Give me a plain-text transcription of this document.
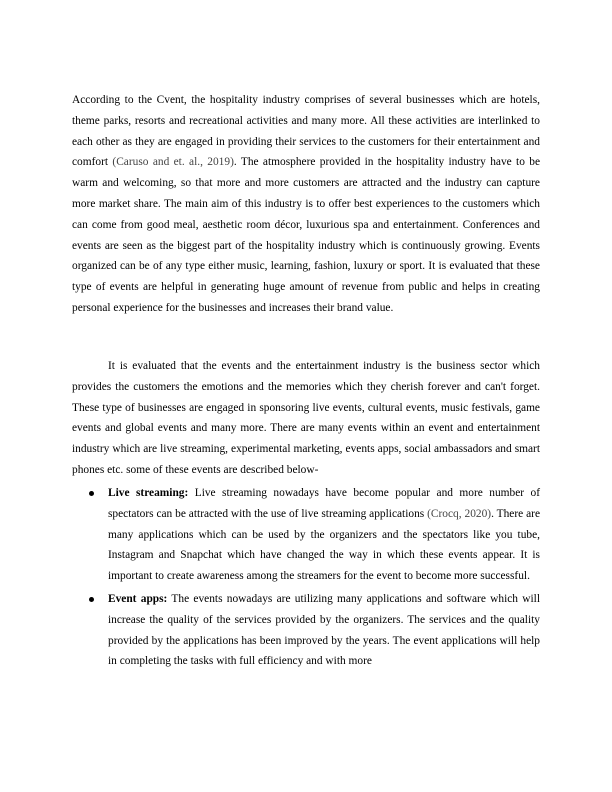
According to the Cvent, the hospitality industry comprises of several businesses which are hotels, theme parks, resorts and recreational activities and many more. All these activities are interlinked to each other as they are engaged in providing their services to the customers for their entertainment and comfort (Caruso and et. al., 2019). The atmosphere provided in the hospitality industry have to be warm and welcoming, so that more and more customers are attracted and the industry can capture more market share. The main aim of this industry is to offer best experiences to the customers which can come from good meal, aesthetic room décor, luxurious spa and entertainment. Conferences and events are seen as the biggest part of the hospitality industry which is continuously growing. Events organized can be of any type either music, learning, fashion, luxury or sport. It is evaluated that these type of events are helpful in generating huge amount of revenue from public and helps in creating personal experience for the businesses and increases their brand value.

It is evaluated that the events and the entertainment industry is the business sector which provides the customers the emotions and the memories which they cherish forever and can't forget. These type of businesses are engaged in sponsoring live events, cultural events, music festivals, game events and global events and many more. There are many events within an event and entertainment industry which are live streaming, experimental marketing, events apps, social ambassadors and smart phones etc. some of these events are described below-

Live streaming: Live streaming nowadays have become popular and more number of spectators can be attracted with the use of live streaming applications (Crocq, 2020). There are many applications which can be used by the organizers and the spectators like you tube, Instagram and Snapchat which have changed the way in which these events appear. It is important to create awareness among the streamers for the event to become more successful.
Event apps: The events nowadays are utilizing many applications and software which will increase the quality of the services provided by the organizers. The services and the quality provided by the applications has been improved by the years. The event applications will help in completing the tasks with full efficiency and with more
